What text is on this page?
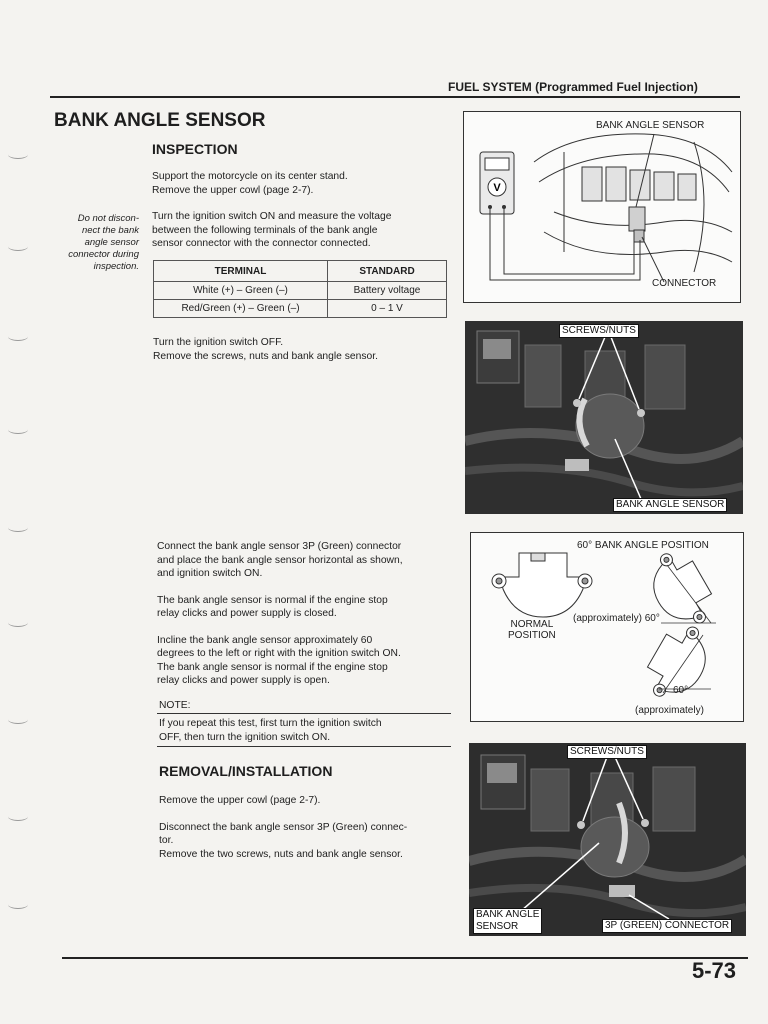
FUEL SYSTEM (Programmed Fuel Injection)
BANK ANGLE SENSOR
INSPECTION

Support the motorcycle on its center stand.
Remove the upper cowl (page 2-7).

Turn the ignition switch ON and measure the voltage
between the following terminals of the bank angle
sensor connector with the connector connected.

Do not discon-
nect the bank
angle sensor
connector during
inspection.	TERMINAL	STANDARD
White (+) – Green (–)	Battery voltage
Red/Green (+) – Green (–)	0 – 1 V

Turn the ignition switch OFF.
Remove the screws, nuts and bank angle sensor.

Connect the bank angle sensor 3P (Green) connector
and place the bank angle sensor horizontal as shown,
and ignition switch ON.

The bank angle sensor is normal if the engine stop
relay clicks and power supply is closed.

Incline the bank angle sensor approximately 60
degrees to the left or right with the ignition switch ON.
The bank angle sensor is normal if the engine stop
relay clicks and power supply is open.

NOTE:
If you repeat this test, first turn the ignition switch
OFF, then turn the ignition switch ON.
REMOVAL/INSTALLATION

Remove the upper cowl (page 2-7).

Disconnect the bank angle sensor 3P (Green) connec-
tor.
Remove the two screws, nuts and bank angle sensor.

V
BANK ANGLE SENSOR
CONNECTOR
SCREWS/NUTS
BANK ANGLE SENSOR
60° BANK ANGLE POSITION
NORMAL
POSITION
(approximately) 60°
60°
(approximately)
SCREWS/NUTS
BANK ANGLE
SENSOR	3P (GREEN) CONNECTOR
5-73
